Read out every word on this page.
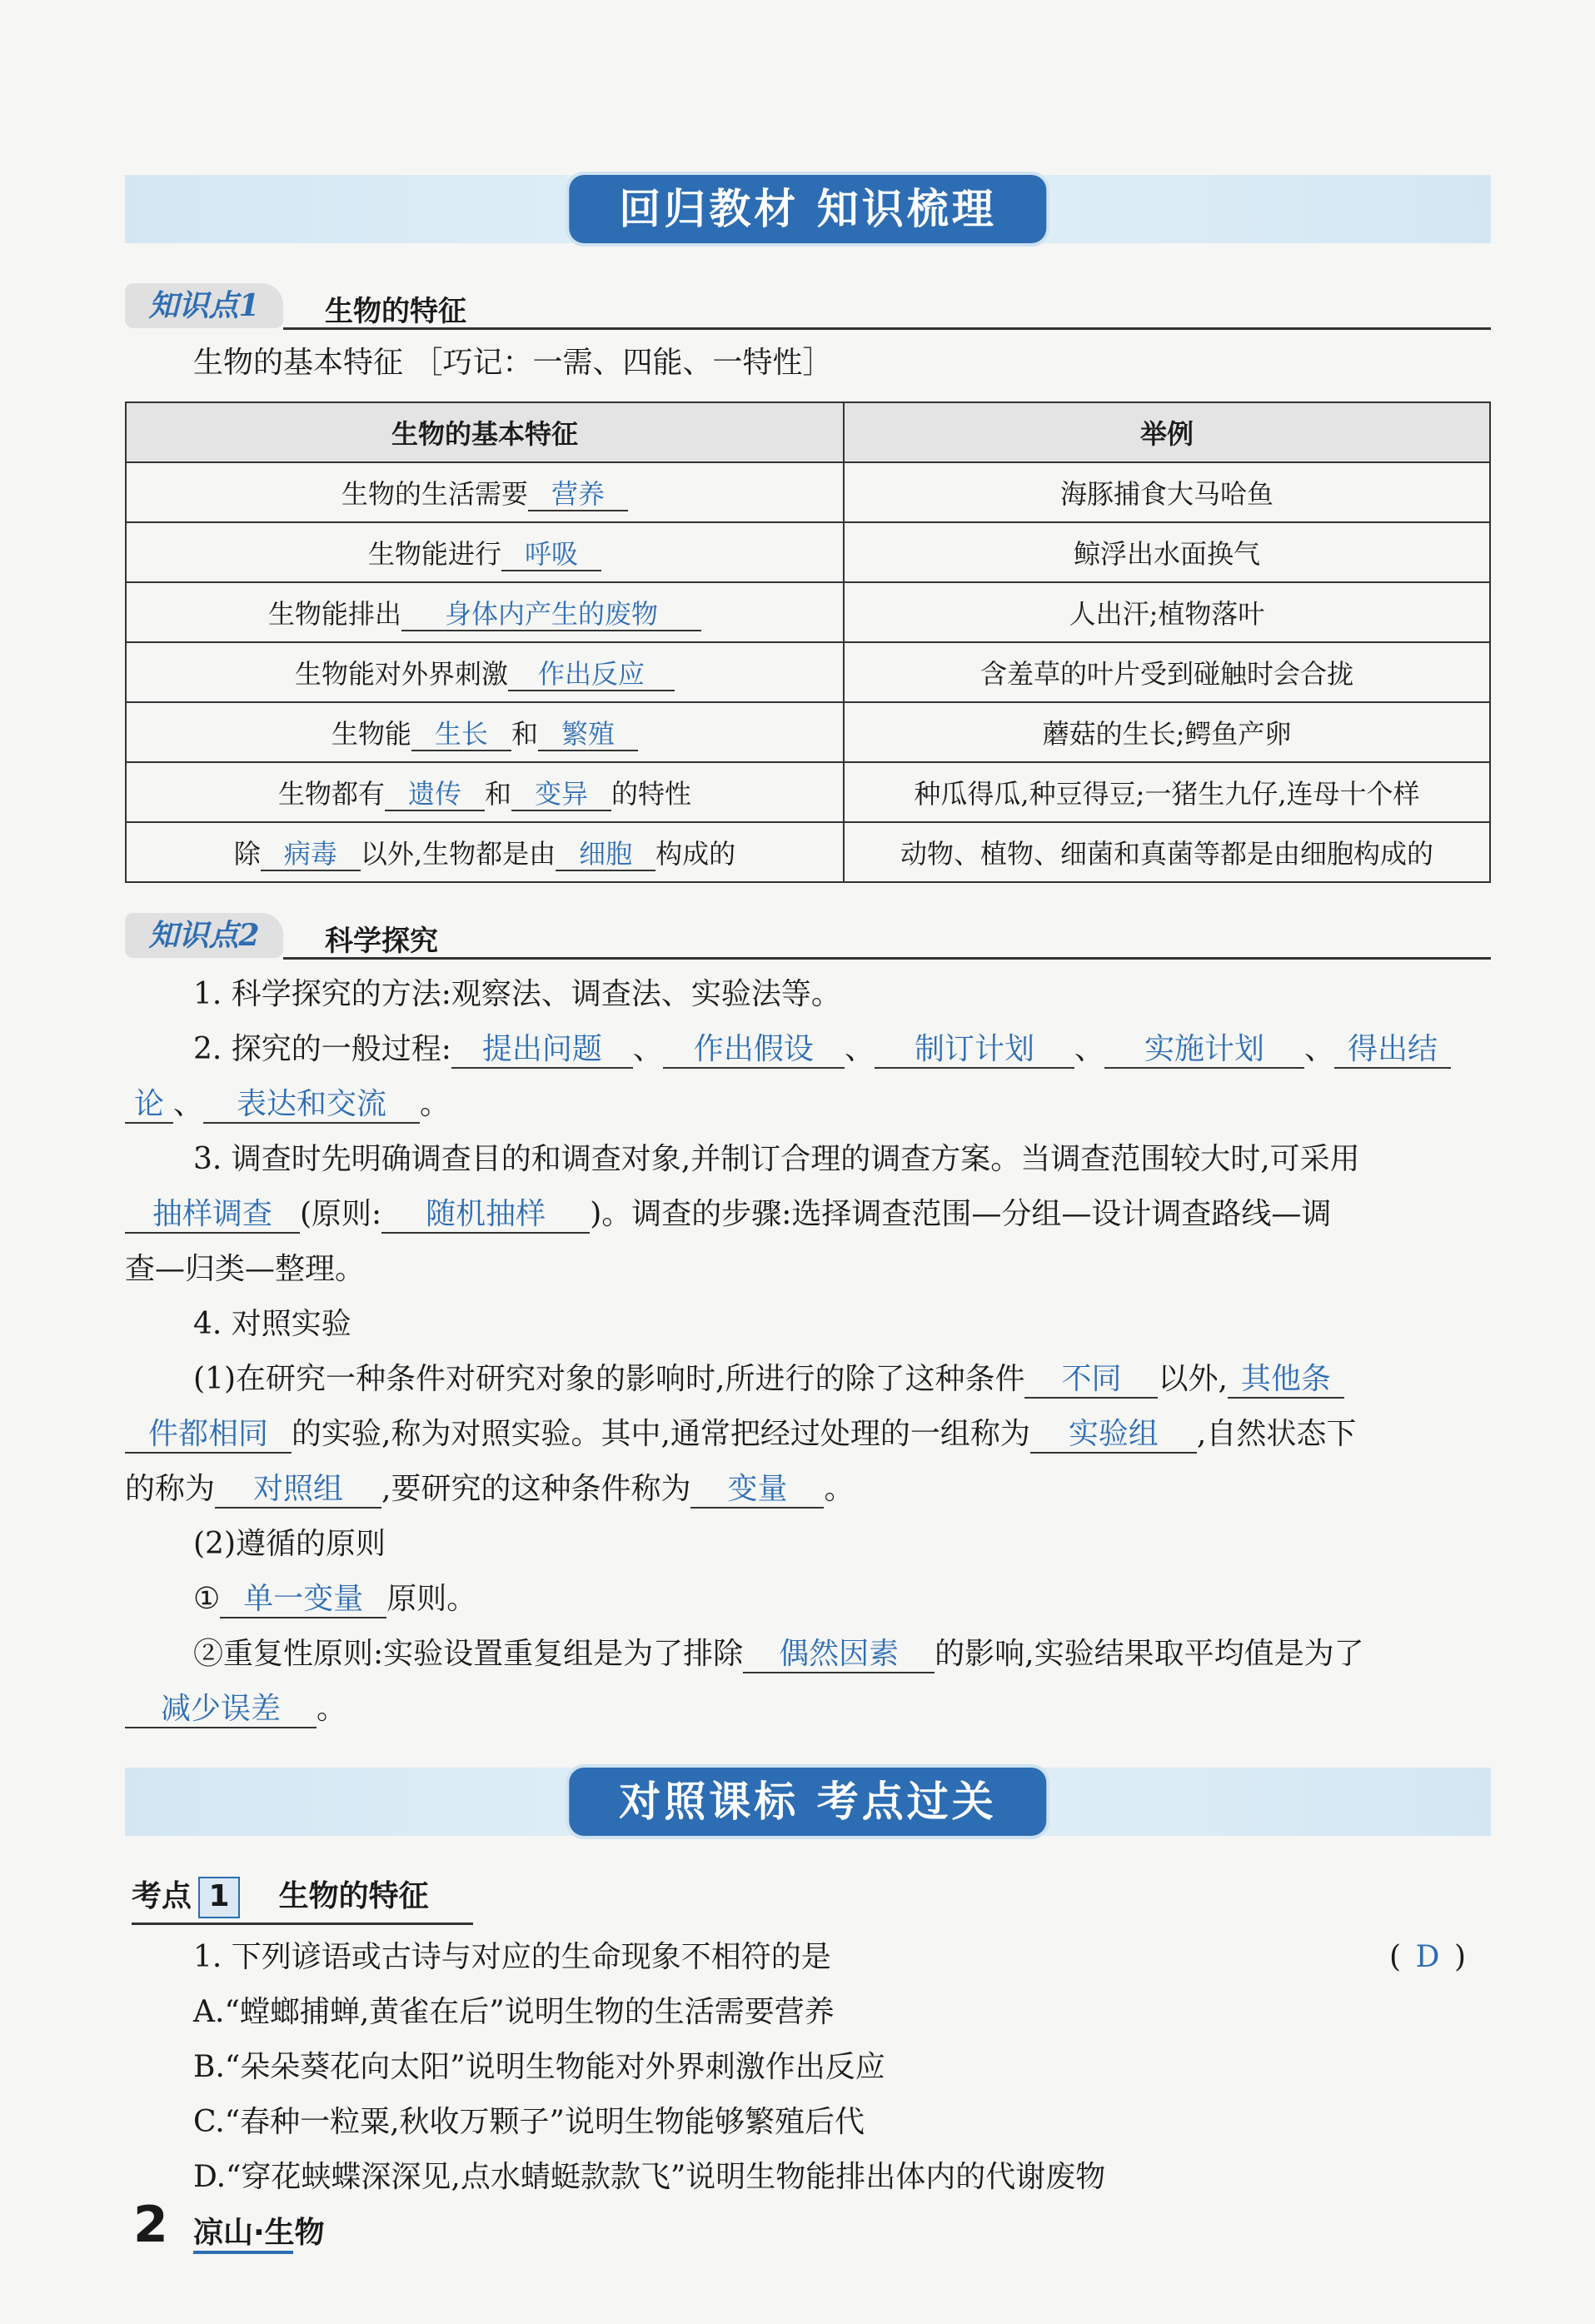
回归教材 知识梳理
知识点1	生物的特征
生物的基本特征 ［巧记：一需、四能、一特性］
生物的基本特征	举例
生物的生活需要 营养	海豚捕食大马哈鱼
生物能进行 呼吸	鲸浮出水面换气
生物能排出 身体内产生的废物	人出汗;植物落叶
生物能对外界刺激 作出反应	含羞草的叶片受到碰触时会合拢
生物能 生长 和 繁殖	蘑菇的生长;鳄鱼产卵
生物都有 遗传 和 变异 的特性	种瓜得瓜,种豆得豆;一猪生九仔,连母十个样
除 病毒 以外,生物都是由 细胞 构成的	动物、植物、细菌和真菌等都是由细胞构成的
知识点2	科学探究
1. 科学探究的方法:观察法、调查法、实验法等。
2. 探究的一般过程: 提出问题 、 作出假设 、 制订计划 、 实施计划 、 得出结
论 、 表达和交流 。
3. 调查时先明确调查目的和调查对象,并制订合理的调查方案。当调查范围较大时,可采用
抽样调查 (原则: 随机抽样 )。调查的步骤:选择调查范围—分组—设计调查路线—调
查—归类—整理。
4. 对照实验
(1)在研究一种条件对研究对象的影响时,所进行的除了这种条件 不同 以外, 其他条
件都相同 的实验,称为对照实验。其中,通常把经过处理的一组称为 实验组 ,自然状态下
的称为 对照组 ,要研究的这种条件称为 变量 。
(2)遵循的原则
① 单一变量 原则。
②重复性原则:实验设置重复组是为了排除 偶然因素 的影响,实验结果取平均值是为了
减少误差 。
对照课标 考点过关
考点 1 生物的特征
1. 下列谚语或古诗与对应的生命现象不相符的是	( D )
A.“螳螂捕蝉,黄雀在后”说明生物的生活需要营养
B.“朵朵葵花向太阳”说明生物能对外界刺激作出反应
C.“春种一粒粟,秋收万颗子”说明生物能够繁殖后代
D.“穿花蛱蝶深深见,点水蜻蜓款款飞”说明生物能排出体内的代谢废物
2 凉山·生物
